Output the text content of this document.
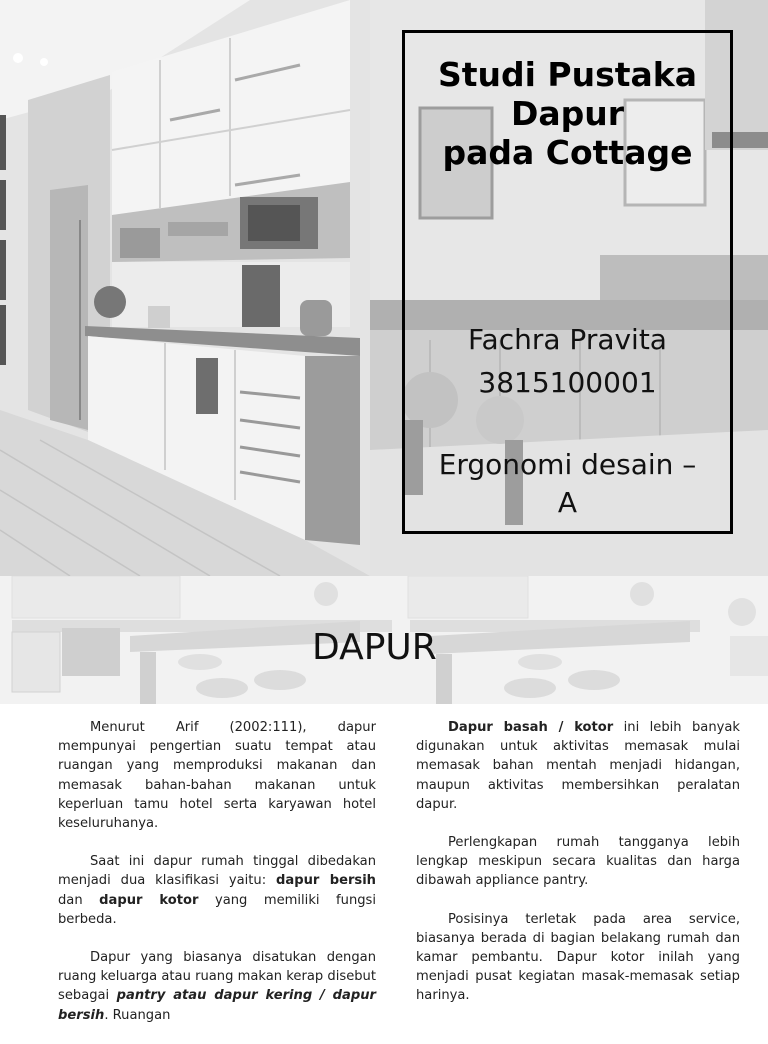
Studi Pustaka
Dapur
pada Cottage
Fachra Pravita
3815100001
Ergonomi desain –
A
DAPUR

Menurut Arif (2002:111), dapur mempunyai pengertian suatu tempat atau ruangan yang memproduksi makanan dan memasak bahan-bahan makanan untuk keperluan tamu hotel serta karyawan hotel keseluruhanya.

Saat ini dapur rumah tinggal dibedakan menjadi dua klasifikasi yaitu: dapur bersih dan dapur kotor yang memiliki fungsi berbeda.

Dapur yang biasanya disatukan dengan ruang keluarga atau ruang makan kerap disebut sebagai pantry atau dapur kering / dapur bersih. Ruangan

Dapur basah / kotor ini lebih banyak digunakan untuk aktivitas memasak mulai memasak bahan mentah menjadi hidangan, maupun aktivitas membersihkan peralatan dapur.

Perlengkapan rumah tangganya lebih lengkap meskipun secara kualitas dan harga dibawah appliance pantry.

Posisinya terletak pada area service, biasanya berada di bagian belakang rumah dan kamar pembantu. Dapur kotor inilah yang menjadi pusat kegiatan masak-memasak setiap harinya.
